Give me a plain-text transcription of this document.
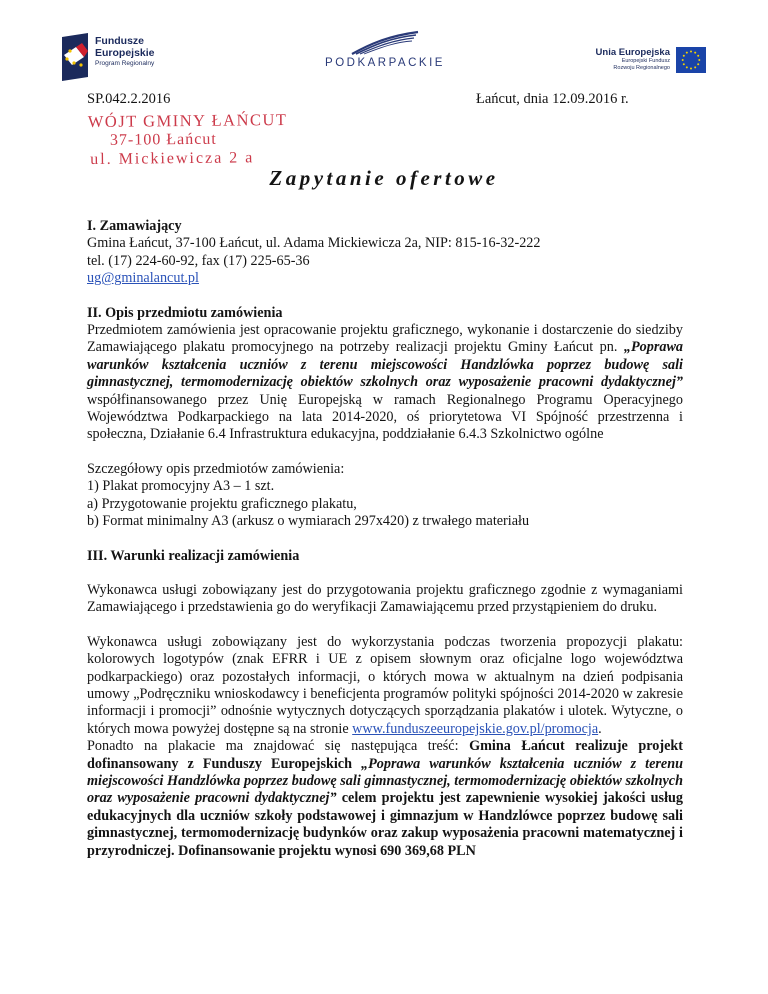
Fundusze
Europejskie
Program Regionalny	PODKARPACKIE
Unia Europejska
Europejski Fundusz
Rozwoju Regionalnego
SP.042.2.2016	Łańcut, dnia 12.09.2016 r.
WÓJT GMINY ŁAŃCUT
37-100 Łańcut
ul. Mickiewicza 2 a
Zapytanie ofertowe

I. Zamawiający

Gmina Łańcut, 37-100 Łańcut, ul. Adama Mickiewicza 2a, NIP: 815-16-32-222

tel. (17) 224-60-92, fax (17) 225-65-36

ug@gminalancut.pl

II. Opis przedmiotu zamówienia

Przedmiotem zamówienia jest opracowanie projektu graficznego, wykonanie i dostarczenie do siedziby Zamawiającego plakatu promocyjnego na potrzeby realizacji projektu Gminy Łańcut pn. „Poprawa warunków kształcenia uczniów z terenu miejscowości Handzlówka poprzez budowę sali gimnastycznej, termomodernizację obiektów szkolnych oraz wyposażenie pracowni dydaktycznej” współfinansowanego przez Unię Europejską w ramach Regionalnego Programu Operacyjnego Województwa Podkarpackiego na lata 2014-2020, oś priorytetowa VI Spójność przestrzenna i społeczna, Działanie 6.4 Infrastruktura edukacyjna, poddziałanie 6.4.3 Szkolnictwo ogólne

Szczegółowy opis przedmiotów zamówienia:

1) Plakat promocyjny A3 – 1 szt.
a) Przygotowanie projektu graficznego plakatu,
b) Format minimalny A3 (arkusz o wymiarach 297x420) z trwałego materiału

III. Warunki realizacji zamówienia

Wykonawca usługi zobowiązany jest do przygotowania projektu graficznego zgodnie z wymaganiami Zamawiającego i przedstawienia go do weryfikacji Zamawiającemu przed przystąpieniem do druku.

Wykonawca usługi zobowiązany jest do wykorzystania podczas tworzenia propozycji plakatu: kolorowych logotypów (znak EFRR i UE z opisem słownym oraz oficjalne logo województwa podkarpackiego) oraz pozostałych informacji, o których mowa w aktualnym na dzień podpisania umowy „Podręczniku wnioskodawcy i beneficjenta programów polityki spójności 2014-2020 w zakresie informacji i promocji” odnośnie wytycznych dotyczących sporządzania plakatów i ulotek. Wytyczne, o których mowa powyżej dostępne są na stronie www.funduszeeuropejskie.gov.pl/promocja.

Ponadto na plakacie ma znajdować się następująca treść: Gmina Łańcut realizuje projekt dofinansowany z Funduszy Europejskich „Poprawa warunków kształcenia uczniów z terenu miejscowości Handzlówka poprzez budowę sali gimnastycznej, termomodernizację obiektów szkolnych oraz wyposażenie pracowni dydaktycznej” celem projektu jest zapewnienie wysokiej jakości usług edukacyjnych dla uczniów szkoły podstawowej i gimnazjum w Handzlówce poprzez budowę sali gimnastycznej, termomodernizację budynków oraz zakup wyposażenia pracowni matematycznej i przyrodniczej. Dofinansowanie projektu wynosi 690 369,68 PLN
